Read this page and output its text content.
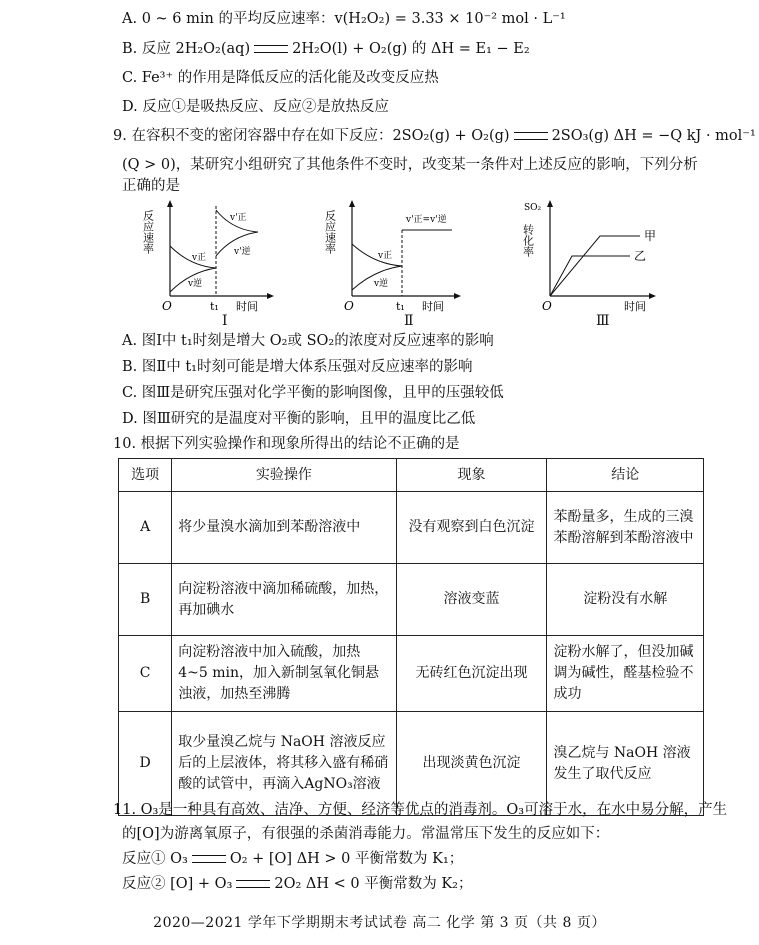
A. 0 ~ 6 min 的平均反应速率：v(H₂O₂) = 3.33 × 10⁻² mol · L⁻¹
B. 反应 2H₂O₂(aq)	2H₂O(l) + O₂(g) 的 ΔH = E₁ − E₂
C. Fe³⁺ 的作用是降低反应的活化能及改变反应热
D. 反应①是吸热反应、反应②是放热反应
9. 在容积不变的密闭容器中存在如下反应：2SO₂(g) + O₂(g)	2SO₃(g) ΔH = −Q kJ · mol⁻¹
(Q > 0)，某研究小组研究了其他条件不变时，改变某一条件对上述反应的影响，下列分析
正确的是
反应速率
O	t₁ 时间
v正
v逆
v'正
v'逆
Ⅰ
反应速率
O	t₁ 时间
v正
v逆
v'正=v'逆
Ⅱ
SO₂
转化率
O	时间
甲
乙
Ⅲ
A. 图Ⅰ中 t₁时刻是增大 O₂或 SO₂的浓度对反应速率的影响
B. 图Ⅱ中 t₁时刻可能是增大体系压强对反应速率的影响
C. 图Ⅲ是研究压强对化学平衡的影响图像，且甲的压强较低
D. 图Ⅲ研究的是温度对平衡的影响，且甲的温度比乙低
10. 根据下列实验操作和现象所得出的结论不正确的是
选项	实验操作	现象	结论
A	将少量溴水滴加到苯酚溶液中	没有观察到白色沉淀	苯酚量多，生成的三溴苯酚溶解到苯酚溶液中
B	向淀粉溶液中滴加稀硫酸，加热，再加碘水	溶液变蓝	淀粉没有水解
C	向淀粉溶液中加入硫酸，加热4~5 min，加入新制氢氧化铜悬浊液，加热至沸腾	无砖红色沉淀出现	淀粉水解了，但没加碱调为碱性，醛基检验不成功
D	取少量溴乙烷与 NaOH 溶液反应后的上层液体，将其移入盛有稀硝酸的试管中，再滴入AgNO₃溶液	出现淡黄色沉淀	溴乙烷与 NaOH 溶液发生了取代反应
11. O₃是一种具有高效、洁净、方便、经济等优点的消毒剂。O₃可溶于水，在水中易分解，产生
的[O]为游离氧原子，有很强的杀菌消毒能力。常温常压下发生的反应如下：
反应① O₃	O₂ + [O] ΔH > 0 平衡常数为 K₁；
反应② [O] + O₃	2O₂ ΔH < 0 平衡常数为 K₂；
2020—2021 学年下学期期末考试试卷 高二 化学 第 3 页（共 8 页）
